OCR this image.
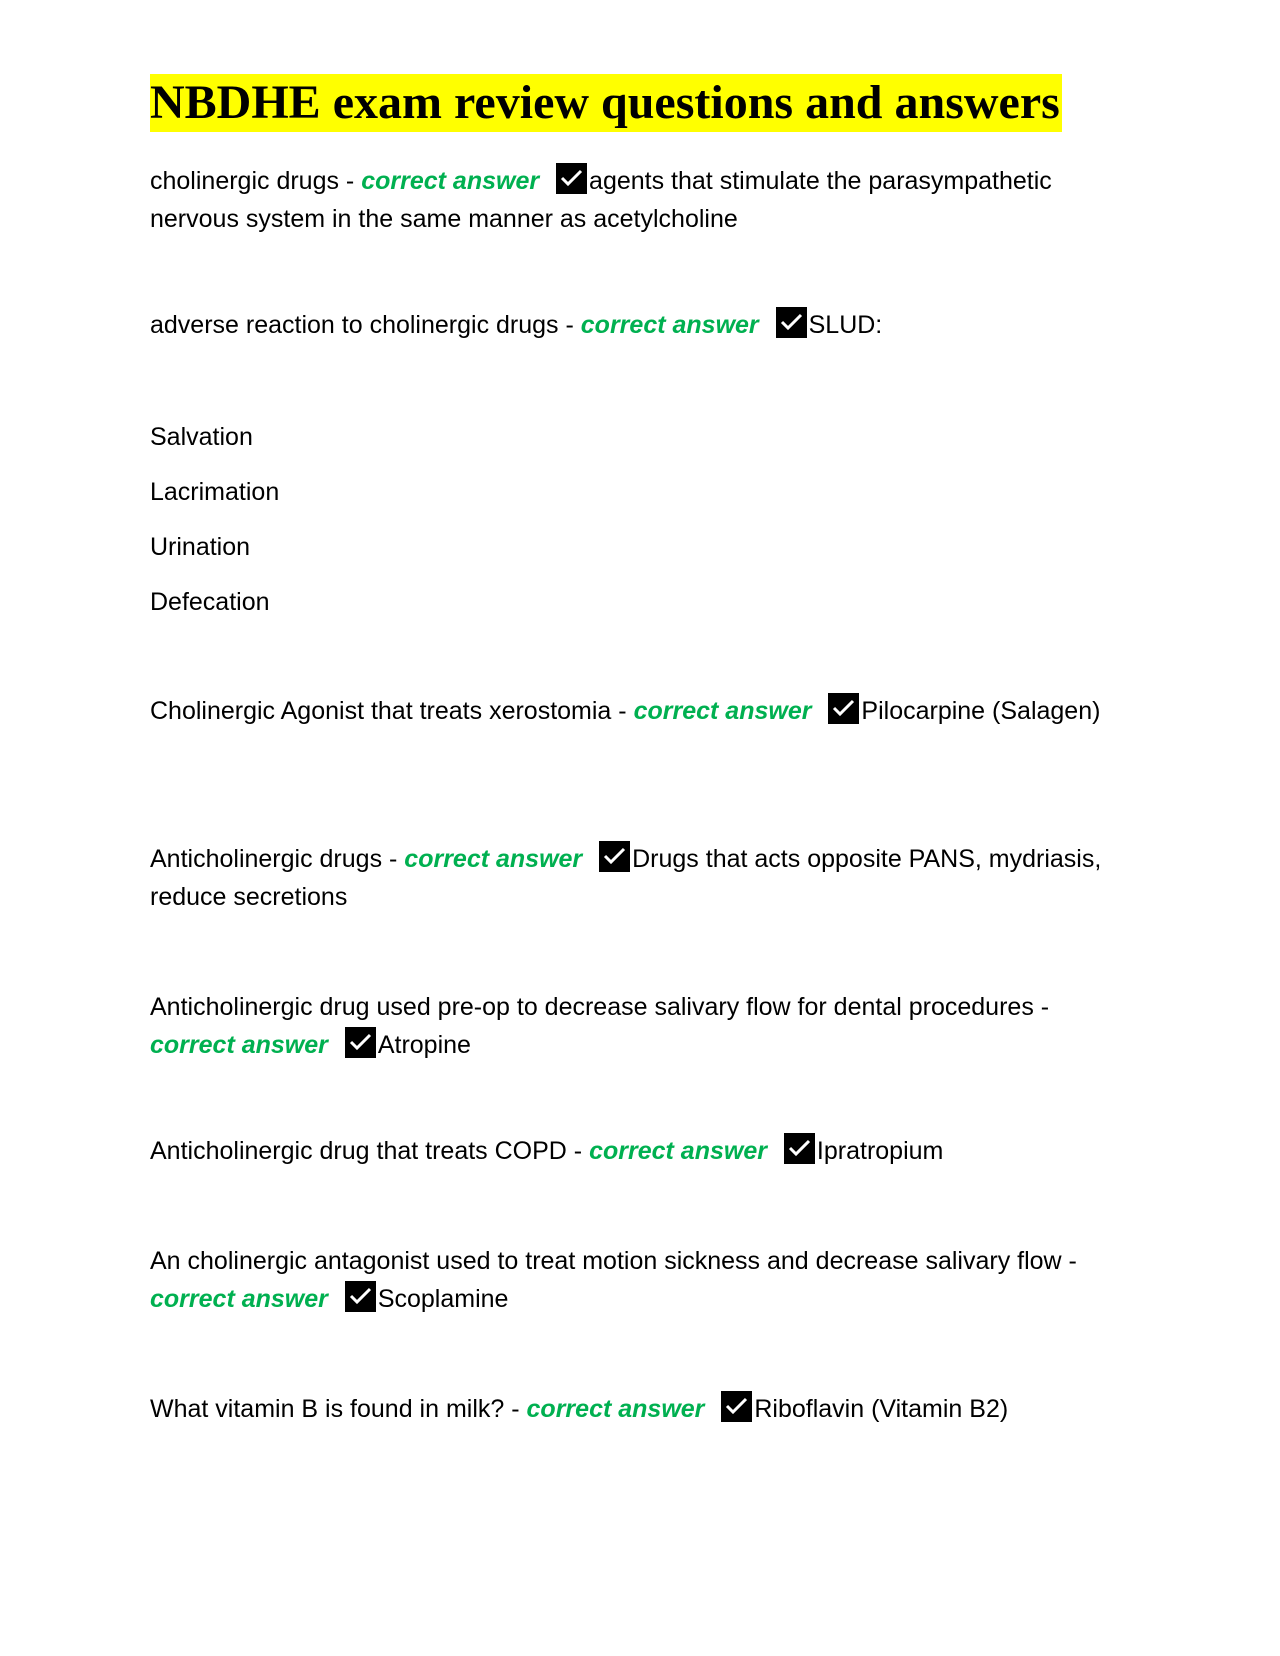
NBDHE exam review questions and answers

cholinergic drugs - correct answer agents that stimulate the parasympathetic nervous system in the same manner as acetylcholine

adverse reaction to cholinergic drugs - correct answer SLUD:

Salvation
Lacrimation
Urination
Defecation

Cholinergic Agonist that treats xerostomia - correct answer Pilocarpine (Salagen)

Anticholinergic drugs - correct answer Drugs that acts opposite PANS, mydriasis, reduce secretions

Anticholinergic drug used pre-op to decrease salivary flow for dental procedures - correct answer Atropine

Anticholinergic drug that treats COPD - correct answer Ipratropium

An cholinergic antagonist used to treat motion sickness and decrease salivary flow - correct answer Scoplamine

What vitamin B is found in milk? - correct answer Riboflavin (Vitamin B2)
